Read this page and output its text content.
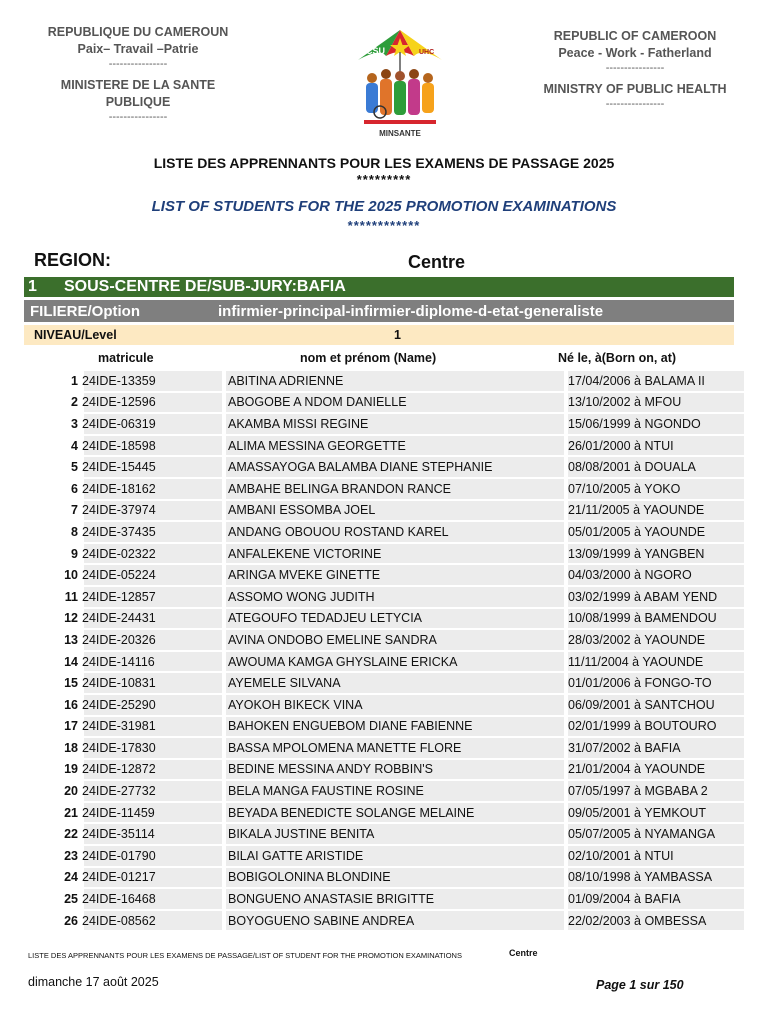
REPUBLIQUE DU CAMEROUN
Paix– Travail –Patrie
----------------
MINISTERE DE LA SANTE PUBLIQUE
----------------
CSU	UHC
MINSANTE
REPUBLIC OF CAMEROON
Peace - Work - Fatherland
----------------
MINISTRY OF PUBLIC HEALTH
----------------
LISTE DES APPRENNANTS POUR LES EXAMENS DE PASSAGE 2025
*********
LIST OF STUDENTS FOR THE 2025 PROMOTION EXAMINATIONS
************
REGION:	Centre
1	SOUS-CENTRE DE/SUB-JURY:BAFIA
FILIERE/Option	infirmier-principal-infirmier-diplome-d-etat-generaliste
NIVEAU/Level	1
matricule	nom et prénom (Name)	Né le, à(Born on, at)
1 24IDE-13359	ABITINA ADRIENNE	17/04/2006 à BALAMA II
2 24IDE-12596	ABOGOBE A NDOM DANIELLE	13/10/2002 à MFOU
3 24IDE-06319	AKAMBA MISSI REGINE	15/06/1999 à NGONDO
4 24IDE-18598	ALIMA MESSINA GEORGETTE	26/01/2000 à NTUI
5 24IDE-15445	AMASSAYOGA BALAMBA DIANE STEPHANIE	08/08/2001 à DOUALA
6 24IDE-18162	AMBAHE BELINGA BRANDON RANCE	07/10/2005 à YOKO
7 24IDE-37974	AMBANI ESSOMBA JOEL	21/11/2005 à YAOUNDE
8 24IDE-37435	ANDANG OBOUOU ROSTAND KAREL	05/01/2005 à YAOUNDE
9 24IDE-02322	ANFALEKENE VICTORINE	13/09/1999 à YANGBEN
10 24IDE-05224	ARINGA MVEKE GINETTE	04/03/2000 à NGORO
11 24IDE-12857	ASSOMO WONG JUDITH	03/02/1999 à ABAM YEND
12 24IDE-24431	ATEGOUFO TEDADJEU LETYCIA	10/08/1999 à BAMENDOU
13 24IDE-20326	AVINA ONDOBO EMELINE SANDRA	28/03/2002 à YAOUNDE
14 24IDE-14116	AWOUMA KAMGA GHYSLAINE ERICKA	11/11/2004 à YAOUNDE
15 24IDE-10831	AYEMELE SILVANA	01/01/2006 à FONGO-TO
16 24IDE-25290	AYOKOH BIKECK VINA	06/09/2001 à SANTCHOU
17 24IDE-31981	BAHOKEN ENGUEBOM DIANE FABIENNE	02/01/1999 à BOUTOURO
18 24IDE-17830	BASSA MPOLOMENA MANETTE FLORE	31/07/2002 à BAFIA
19 24IDE-12872	BEDINE MESSINA ANDY ROBBIN'S	21/01/2004 à YAOUNDE
20 24IDE-27732	BELA MANGA FAUSTINE ROSINE	07/05/1997 à MGBABA 2
21 24IDE-11459	BEYADA BENEDICTE SOLANGE MELAINE	09/05/2001 à YEMKOUT
22 24IDE-35114	BIKALA JUSTINE BENITA	05/07/2005 à NYAMANGA
23 24IDE-01790	BILAI GATTE ARISTIDE	02/10/2001 à NTUI
24 24IDE-01217	BOBIGOLONINA BLONDINE	08/10/1998 à YAMBASSA
25 24IDE-16468	BONGUENO ANASTASIE BRIGITTE	01/09/2004 à BAFIA
26 24IDE-08562	BOYOGUENO SABINE ANDREA	22/02/2003 à OMBESSA
LISTE DES APPRENNANTS POUR LES EXAMENS DE PASSAGE/LIST OF STUDENT FOR THE PROMOTION EXAMINATIONS	Centre
dimanche 17 août 2025	Page 1 sur 150
